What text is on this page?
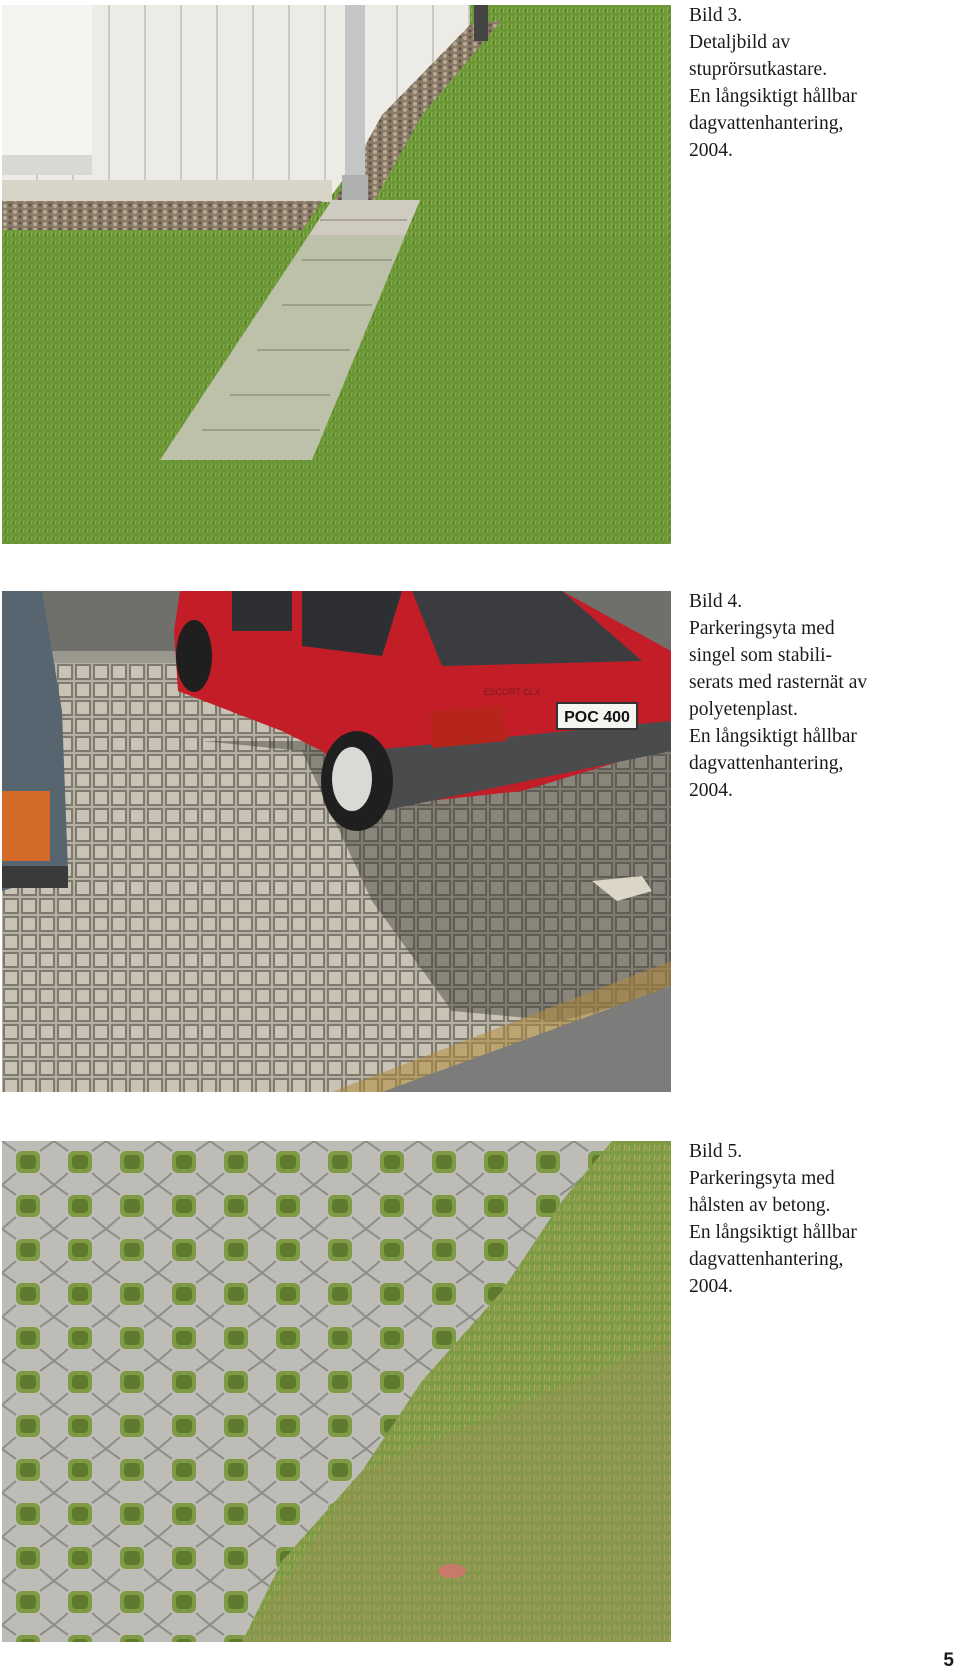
Bild 3.
Detaljbild av
stuprörsutkastare.
En långsiktigt hållbar
dagvattenhantering,
2004.
POC 400
ESCORT CLX
Bild 4.
Parkeringsyta med
singel som stabili-
serats med rasternät av
polyetenplast.
En långsiktigt hållbar
dagvattenhantering,
2004.
Bild 5.
Parkeringsyta med
hålsten av betong.
En långsiktigt hållbar
dagvattenhantering,
2004.
5
